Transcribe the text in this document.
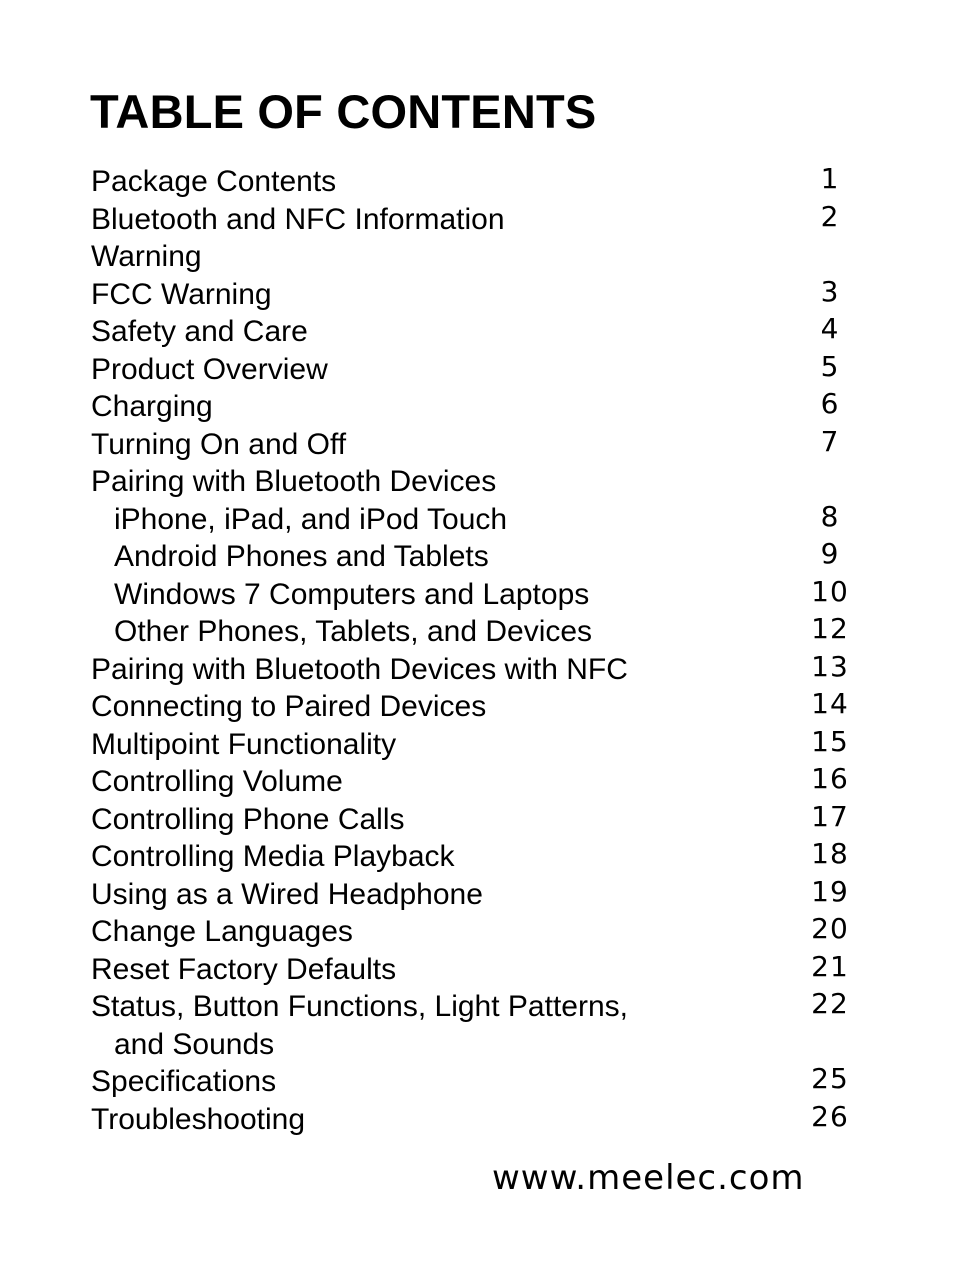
TABLE OF CONTENTS
Package Contents	1
Bluetooth and NFC Information	2
Warning
FCC Warning	3
Safety and Care	4
Product Overview	5
Charging	6
Turning On and Off	7
Pairing with Bluetooth Devices
iPhone, iPad, and iPod Touch	8
Android Phones and Tablets	9
Windows 7 Computers and Laptops	10
Other Phones, Tablets, and Devices	12
Pairing with Bluetooth Devices with NFC	13
Connecting to Paired Devices	14
Multipoint Functionality	15
Controlling Volume	16
Controlling Phone Calls	17
Controlling Media Playback	18
Using as a Wired Headphone	19
Change Languages	20
Reset Factory Defaults	21
Status, Button Functions, Light Patterns,	22
and Sounds
Specifications	25
Troubleshooting	26
www.meelec.com
